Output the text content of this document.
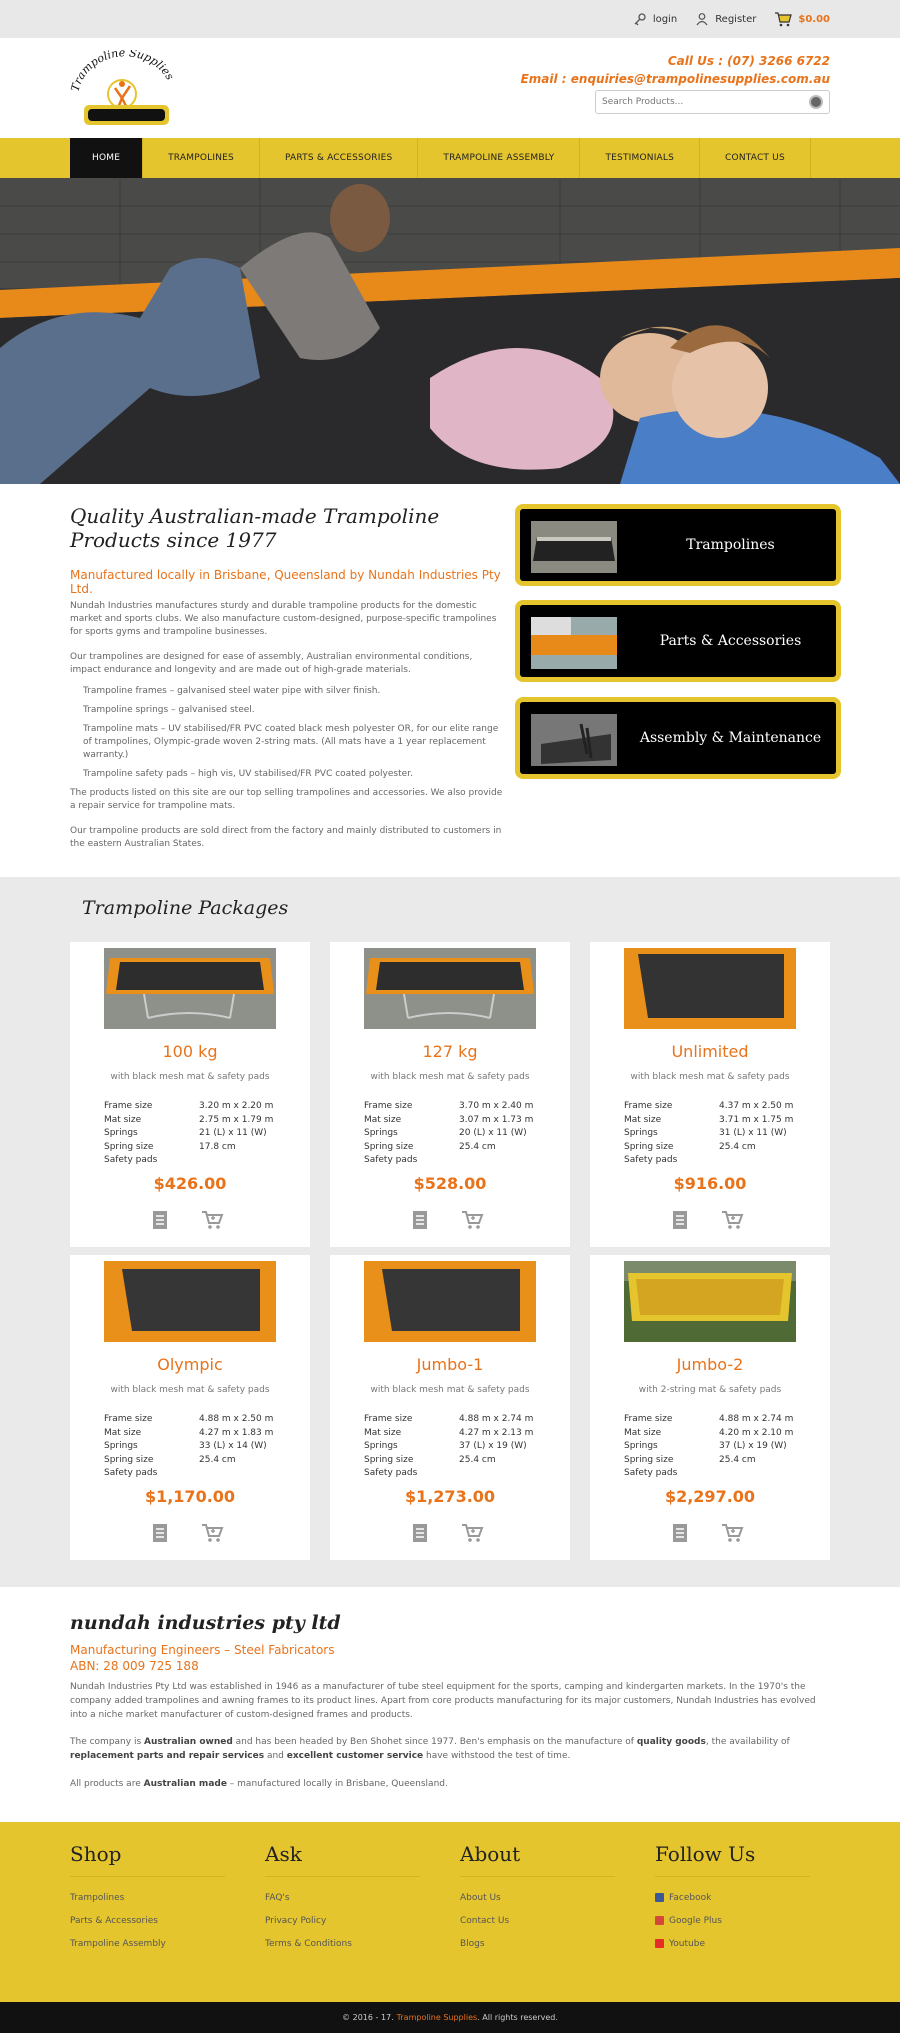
login	Register	$0.00
Trampoline Supplies
Call Us : (07) 3266 6722
Email : enquiries@trampolinesupplies.com.au
Search Products...
HOME	TRAMPOLINES	PARTS & ACCESSORIES	TRAMPOLINE ASSEMBLY	TESTIMONIALS	CONTACT US
Quality Australian-made Trampoline Products since 1977
Manufactured locally in Brisbane, Queensland by Nundah Industries Pty Ltd.

Nundah Industries manufactures sturdy and durable trampoline products for the domestic market and sports clubs. We also manufacture custom-designed, purpose-specific trampolines for sports gyms and trampoline businesses.

Our trampolines are designed for ease of assembly, Australian environmental conditions, impact endurance and longevity and are made out of high-grade materials.

Trampoline frames – galvanised steel water pipe with silver finish.
Trampoline springs – galvanised steel.
Trampoline mats – UV stabilised/FR PVC coated black mesh polyester OR, for our elite range of trampolines, Olympic-grade woven 2-string mats. (All mats have a 1 year replacement warranty.)
Trampoline safety pads – high vis, UV stabilised/FR PVC coated polyester.

The products listed on this site are our top selling trampolines and accessories. We also provide a repair service for trampoline mats.

Our trampoline products are sold direct from the factory and mainly distributed to customers in the eastern Australian States.

Trampolines
Parts & Accessories
Assembly & Maintenance
Trampoline Packages
100 kg
with black mesh mat & safety pads
Frame size	3.20 m x 2.20 m
Mat size	2.75 m x 1.79 m
Springs	21 (L) x 11 (W)
Spring size	17.8 cm
Safety pads
$426.00
127 kg
with black mesh mat & safety pads
Frame size	3.70 m x 2.40 m
Mat size	3.07 m x 1.73 m
Springs	20 (L) x 11 (W)
Spring size	25.4 cm
Safety pads
$528.00
Unlimited
with black mesh mat & safety pads
Frame size	4.37 m x 2.50 m
Mat size	3.71 m x 1.75 m
Springs	31 (L) x 11 (W)
Spring size	25.4 cm
Safety pads
$916.00
Olympic
with black mesh mat & safety pads
Frame size	4.88 m x 2.50 m
Mat size	4.27 m x 1.83 m
Springs	33 (L) x 14 (W)
Spring size	25.4 cm
Safety pads
$1,170.00
Jumbo-1
with black mesh mat & safety pads
Frame size	4.88 m x 2.74 m
Mat size	4.27 m x 2.13 m
Springs	37 (L) x 19 (W)
Spring size	25.4 cm
Safety pads
$1,273.00
Jumbo-2
with 2-string mat & safety pads
Frame size	4.88 m x 2.74 m
Mat size	4.20 m x 2.10 m
Springs	37 (L) x 19 (W)
Spring size	25.4 cm
Safety pads
$2,297.00
nundah industries pty ltd
Manufacturing Engineers – Steel Fabricators
ABN: 28 009 725 188

Nundah Industries Pty Ltd was established in 1946 as a manufacturer of tube steel equipment for the sports, camping and kindergarten markets. In the 1970's the company added trampolines and awning frames to its product lines. Apart from core products manufacturing for its major customers, Nundah Industries has evolved into a niche market manufacturer of custom-designed frames and products.

The company is Australian owned and has been headed by Ben Shohet since 1977. Ben's emphasis on the manufacture of quality goods, the availability of replacement parts and repair services and excellent customer service have withstood the test of time.

All products are Australian made – manufactured locally in Brisbane, Queensland.

Shop
Trampolines
Parts & Accessories
Trampoline Assembly
Ask
FAQ's
Privacy Policy
Terms & Conditions
About
About Us
Contact Us
Blogs
Follow Us
Facebook
Google Plus
Youtube
© 2016 - 17. Trampoline Supplies . All rights reserved.
